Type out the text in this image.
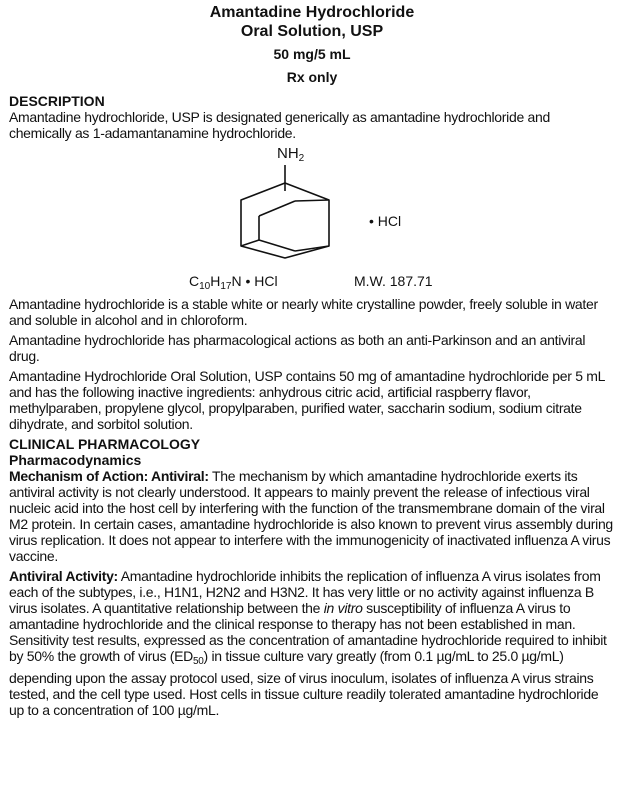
Amantadine Hydrochloride
Oral Solution, USP
50 mg/5 mL
Rx only
DESCRIPTION

Amantadine hydrochloride, USP is designated generically as amantadine hydrochloride and chemically as 1-adamantanamine hydrochloride.

$NH_2$
• HCl
$C_{10}H_{17}N$ • HCl	M.W. 187.71

Amantadine hydrochloride is a stable white or nearly white crystalline powder, freely soluble in water and soluble in alcohol and in chloroform.

Amantadine hydrochloride has pharmacological actions as both an anti-Parkinson and an antiviral drug.

Amantadine Hydrochloride Oral Solution, USP contains 50 mg of amantadine hydrochloride per 5 mL and has the following inactive ingredients: anhydrous citric acid, artificial raspberry flavor, methylparaben, propylene glycol, propylparaben, purified water, saccharin sodium, sodium citrate dihydrate, and sorbitol solution.

CLINICAL PHARMACOLOGY
Pharmacodynamics

Mechanism of Action: Antiviral: The mechanism by which amantadine hydrochloride exerts its antiviral activity is not clearly understood. It appears to mainly prevent the release of infectious viral nucleic acid into the host cell by interfering with the function of the transmembrane domain of the viral M2 protein. In certain cases, amantadine hydrochloride is also known to prevent virus assembly during virus replication. It does not appear to interfere with the immunogenicity of inactivated influenza A virus vaccine.

Antiviral Activity: Amantadine hydrochloride inhibits the replication of influenza A virus isolates from each of the subtypes, i.e., H1N1, H2N2 and H3N2. It has very little or no activity against influenza B virus isolates. A quantitative relationship between the in vitro susceptibility of influenza A virus to amantadine hydrochloride and the clinical response to therapy has not been established in man. Sensitivity test results, expressed as the concentration of amantadine hydrochloride required to inhibit by 50% the growth of virus $(ED_{50})$ in tissue culture vary greatly (from 0.1 µg/mL to 25.0 µg/mL) depending upon the assay protocol used, size of virus inoculum, isolates of influenza A virus strains tested, and the cell type used. Host cells in tissue culture readily tolerated amantadine hydrochloride up to a concentration of 100 µg/mL.
